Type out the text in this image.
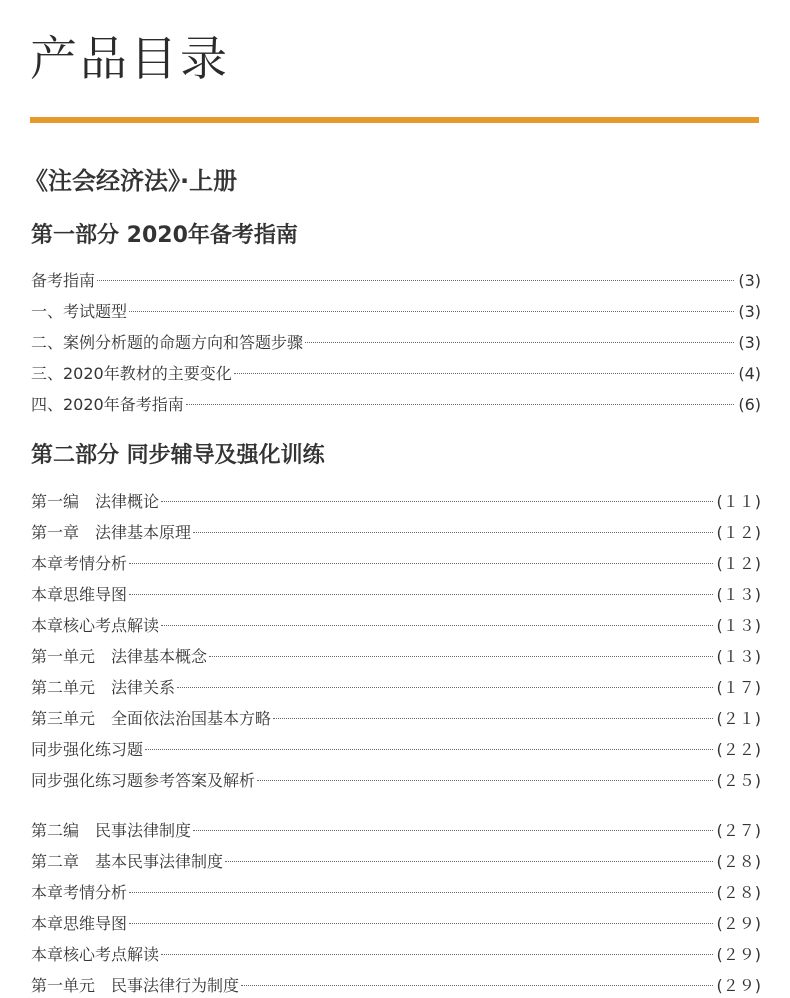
产品目录
《注会经济法》·上册
第一部分 2020年备考指南
第二部分 同步辅导及强化训练
备考指南	(3)
一、考试题型	(3)
二、案例分析题的命题方向和答题步骤	(3)
三、2020年教材的主要变化	(4)
四、2020年备考指南	(6)
第一编　法律概论	(１１)
第一章　法律基本原理	(１２)
本章考情分析	(１２)
本章思维导图	(１３)
本章核心考点解读	(１３)
第一单元　法律基本概念	(１３)
第二单元　法律关系	(１７)
第三单元　全面依法治国基本方略	(２１)
同步强化练习题	(２２)
同步强化练习题参考答案及解析	(２５)
第二编　民事法律制度	(２７)
第二章　基本民事法律制度	(２８)
本章考情分析	(２８)
本章思维导图	(２９)
本章核心考点解读	(２９)
第一单元　民事法律行为制度	(２９)
